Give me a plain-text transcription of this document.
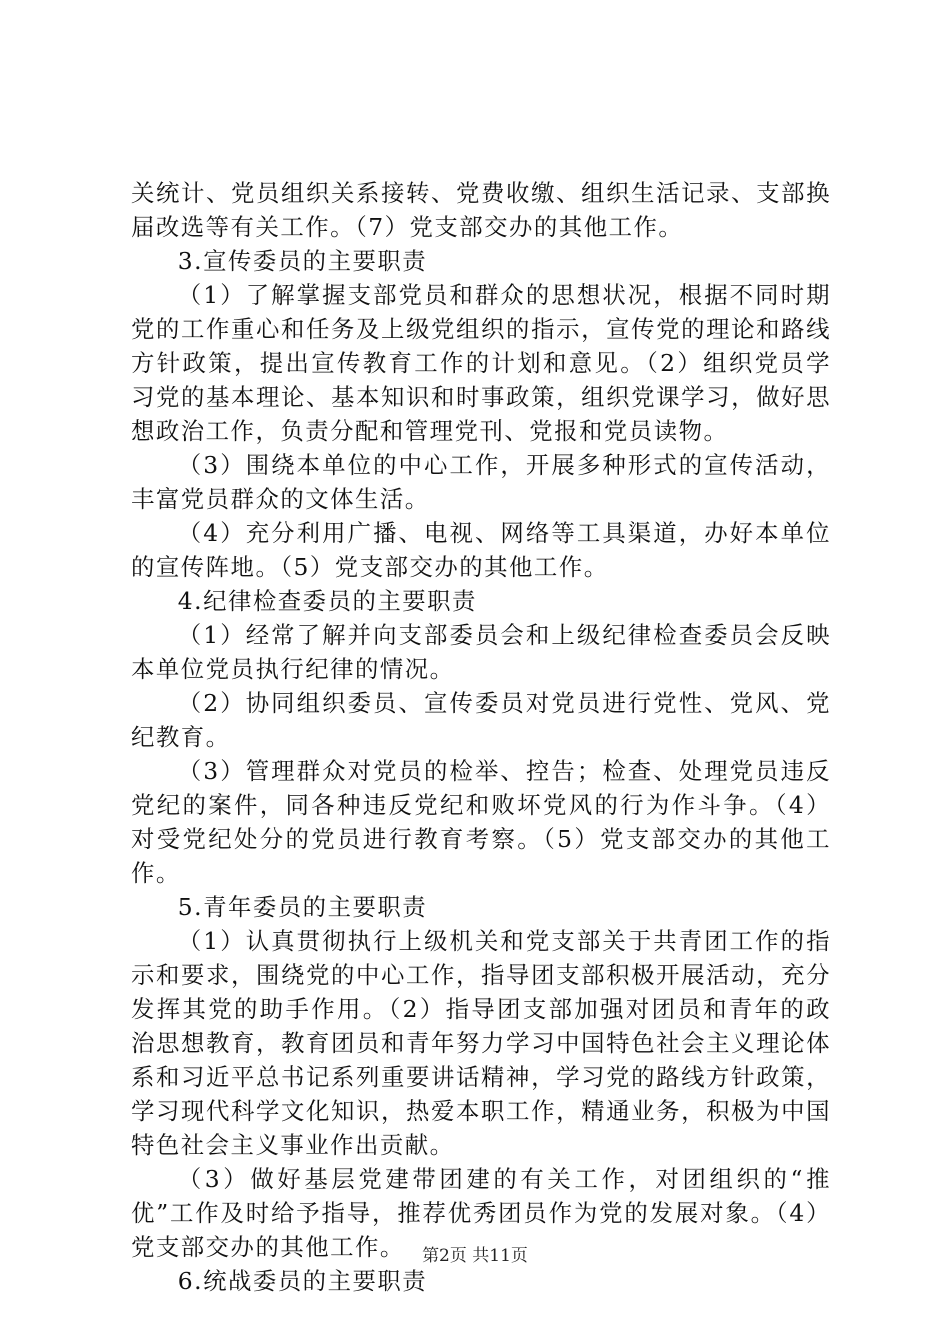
关统计、党员组织关系接转、党费收缴、组织生活记录、支部换届改选等有关工作。（7）党支部交办的其他工作。

3.宣传委员的主要职责

（1）了解掌握支部党员和群众的思想状况，根据不同时期党的工作重心和任务及上级党组织的指示，宣传党的理论和路线方针政策，提出宣传教育工作的计划和意见。（2）组织党员学习党的基本理论、基本知识和时事政策，组织党课学习，做好思想政治工作，负责分配和管理党刊、党报和党员读物。

（3）围绕本单位的中心工作，开展多种形式的宣传活动，丰富党员群众的文体生活。

（4）充分利用广播、电视、网络等工具渠道，办好本单位的宣传阵地。（5）党支部交办的其他工作。

4.纪律检查委员的主要职责

（1）经常了解并向支部委员会和上级纪律检查委员会反映本单位党员执行纪律的情况。

（2）协同组织委员、宣传委员对党员进行党性、党风、党纪教育。

（3）管理群众对党员的检举、控告；检查、处理党员违反党纪的案件，同各种违反党纪和败坏党风的行为作斗争。（4）对受党纪处分的党员进行教育考察。（5）党支部交办的其他工作。

5.青年委员的主要职责

（1）认真贯彻执行上级机关和党支部关于共青团工作的指示和要求，围绕党的中心工作，指导团支部积极开展活动，充分发挥其党的助手作用。（2）指导团支部加强对团员和青年的政治思想教育，教育团员和青年努力学习中国特色社会主义理论体系和习近平总书记系列重要讲话精神，学习党的路线方针政策，学习现代科学文化知识，热爱本职工作，精通业务，积极为中国特色社会主义事业作出贡献。

（3）做好基层党建带团建的有关工作，对团组织的“推优”工作及时给予指导，推荐优秀团员作为党的发展对象。（4）党支部交办的其他工作。

6.统战委员的主要职责

第2页 共11页
